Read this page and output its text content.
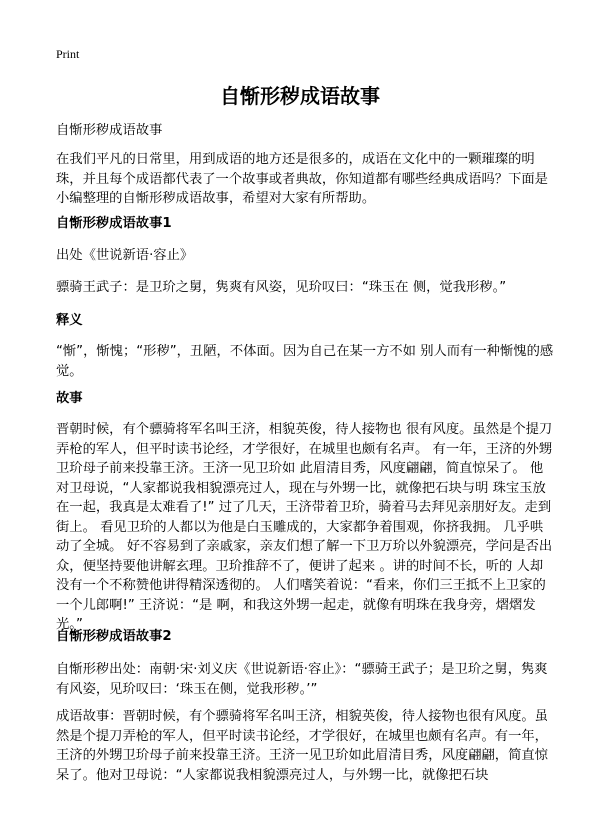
Print
自惭形秽成语故事
自惭形秽成语故事
在我们平凡的日常里，用到成语的地方还是很多的，成语在文化中的一颗璀璨的明珠，并且每个成语都代表了一个故事或者典故，你知道都有哪些经典成语吗？下面是小编整理的自惭形秽成语故事，希望对大家有所帮助。
自惭形秽成语故事1
出处《世说新语·容止》
骠骑王武子：是卫玠之舅，隽爽有风姿，见玠叹曰：“珠玉在 侧，觉我形秽。”
释义
“惭”，惭愧；“形秽”，丑陋，不体面。因为自己在某一方不如 别人而有一种惭愧的感觉。
故事
晋朝时候，有个骠骑将军名叫王济，相貌英俊，待人接物也 很有风度。虽然是个提刀弄枪的军人，但平时读书论经，才学很好，在城里也颇有名声。 有一年，王济的外甥卫玠母子前来投靠王济。王济一见卫玠如 此眉清目秀，风度翩翩，简直惊呆了。 他对卫母说，“人家都说我相貌漂亮过人，现在与外甥一比，就像把石块与明 珠宝玉放在一起，我真是太难看了!” 过了几天，王济带着卫玠，骑着马去拜见亲朋好友。走到街上。 看见卫玠的人都以为他是白玉雕成的，大家都争着围观，你挤我拥。 几乎哄动了全城。 好不容易到了亲戚家，亲友们想了解一下卫万玠以外貌漂亮，学问是否出众，便坚持要他讲解玄理。卫玠推辞不了，便讲了起来 。讲的时间不长，听的 人却没有一个不称赞他讲得精深透彻的。 人们嗜笑着说：“看来，你们三王抵不上卫家的一个儿郎啊!” 王济说：“是 啊，和我这外甥一起走，就像有明珠在我身旁，熠熠发光。”
自惭形秽成语故事2
自惭形秽出处：南朝·宋·刘义庆《世说新语·容止》：“骠骑王武子；是卫玠之舅，隽爽有风姿，见玠叹曰：‘珠玉在侧，觉我形秽。’”
成语故事：晋朝时候，有个骠骑将军名叫王济，相貌英俊，待人接物也很有风度。虽然是个提刀弄枪的军人，但平时读书论经，才学很好，在城里也颇有名声。有一年，王济的外甥卫玠母子前来投靠王济。王济一见卫玠如此眉清目秀，风度翩翩，简直惊呆了。他对卫母说：“人家都说我相貌漂亮过人，与外甥一比，就像把石块
